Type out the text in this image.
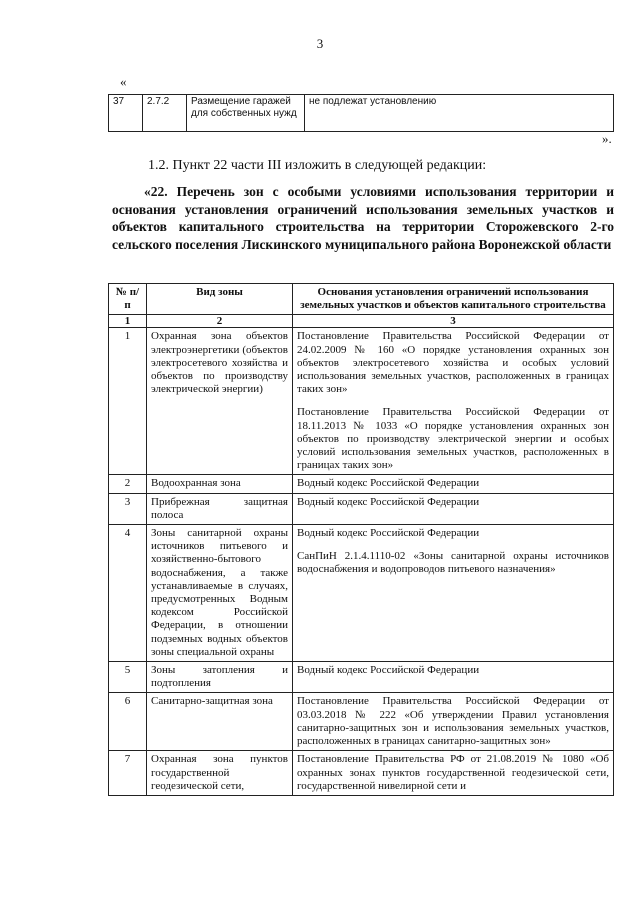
3
«
37	2.7.2	Размещение гаражей для собственных нужд	не подлежат установлению
».
1.2. Пункт 22 части III изложить в следующей редакции:
«22. Перечень зон с особыми условиями использования территории и основания установления ограничений использования земельных участков и объектов капитального строительства на территории Сторожевского 2-го сельского поселения Лискинского муниципального района Воронежской области
№ п/п	Вид зоны	Основания установления ограничений использования земельных участков и объектов капитального строительства
1	2	3
1	Охранная зона объектов электроэнергетики (объектов электросетевого хозяйства и объектов по производству электрической энергии)	Постановление Правительства Российской Федерации от 24.02.2009 № 160 «О порядке установления охранных зон объектов электросетевого хозяйства и особых условий использования земельных участков, расположенных в границах таких зон»
Постановление Правительства Российской Федерации от 18.11.2013 № 1033 «О порядке установления охранных зон объектов по производству электрической энергии и особых условий использования земельных участков, расположенных в границах таких зон»

2	Водоохранная зона	Водный кодекс Российской Федерации

3	Прибрежная защитная полоса	Водный кодекс Российской Федерации

4	Зоны санитарной охраны источников питьевого и хозяйственно-бытового водоснабжения, а также устанавливаемые в случаях, предусмотренных Водным кодексом Российской Федерации, в отношении подземных водных объектов зоны специальной охраны	Водный кодекс Российской Федерации
СанПиН 2.1.4.1110-02 «Зоны санитарной охраны источников водоснабжения и водопроводов питьевого назначения»

5	Зоны затопления и подтопления	Водный кодекс Российской Федерации

6	Санитарно-защитная зона	Постановление Правительства Российской Федерации от 03.03.2018 № 222 «Об утверждении Правил установления санитарно-защитных зон и использования земельных участков, расположенных в границах санитарно-защитных зон»

7	Охранная зона пунктов государственной геодезической сети,	Постановление Правительства РФ от 21.08.2019 № 1080 «Об охранных зонах пунктов государственной геодезической сети, государственной нивелирной сети и
